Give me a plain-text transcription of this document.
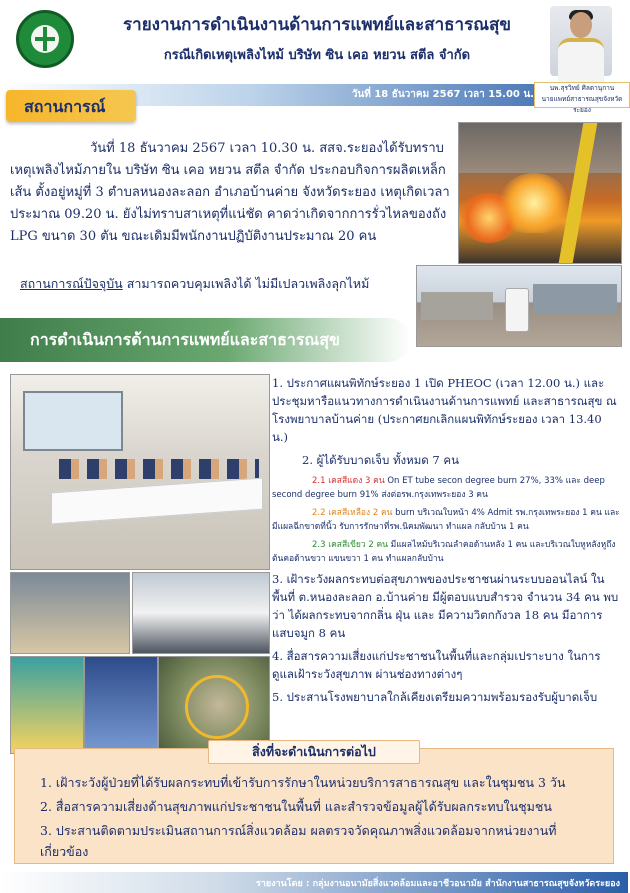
รายงานการดำเนินงานด้านการแพทย์และสาธารณสุข
กรณีเกิดเหตุเพลิงไหม้ บริษัท ซิน เคอ หยวน สตีล จำกัด
วันที่ 18 ธันวาคม 2567 เวลา 15.00 น.
นพ.สุรวิทย์ ศิลตานุกาน
นายแพทย์สาธารณสุขจังหวัดระยอง
สถานการณ์
วันที่ 18 ธันวาคม 2567 เวลา 10.30 น. สสจ.ระยองได้รับทราบเหตุเพลิงไหม้ภายใน บริษัท ซิน เคอ หยวน สตีล จำกัด ประกอบกิจการผลิตเหล็กเส้น ตั้งอยู่หมู่ที่ 3 ตำบลหนองละลอก อำเภอบ้านค่าย จังหวัดระยอง เหตุเกิดเวลาประมาณ 09.20 น. ยังไม่ทราบสาเหตุที่แน่ชัด คาดว่าเกิดจากการรั่วไหลของถัง LPG ขนาด 30 ตัน ขณะเดิมมีพนักงานปฏิบัติงานประมาณ 20 คน
สถานการณ์ปัจจุบัน สามารถควบคุมเพลิงได้ ไม่มีเปลวเพลิงลุกไหม้
การดำเนินการด้านการแพทย์และสาธารณสุข
1. ประกาศแผนพิทักษ์ระยอง 1 เปิด PHEOC (เวลา 12.00 น.) และประชุมหารือแนวทางการดำเนินงานด้านการแพทย์ และสาธารณสุข ณ โรงพยาบาลบ้านค่าย (ประกาศยกเลิกแผนพิทักษ์ระยอง เวลา 13.40 น.)
2. ผู้ได้รับบาดเจ็บ ทั้งหมด 7 คน
2.1 เคสสีแดง 3 คน On ET tube secon degree burn 27%, 33% และ deep second degree burn 91% ส่งต่อรพ.กรุงเทพระยอง 3 คน
2.2 เคสสีเหลือง 2 คน burn บริเวณใบหน้า 4% Admit รพ.กรุงเทพระยอง 1 คน และมีแผลฉีกขาดที่นิ้ว รับการรักษาที่รพ.นิคมพัฒนา ทำแผล กลับบ้าน 1 คน
2.3 เคสสีเขียว 2 คน มีแผลไหม้บริเวณลำคอด้านหลัง 1 คน และบริเวณใบหูหลังหูถึงต้นคอด้านขวา แขนขวา 1 คน ทำแผลกลับบ้าน
3. เฝ้าระวังผลกระทบต่อสุขภาพของประชาชนผ่านระบบออนไลน์ ในพื้นที่ ต.หนองละลอก อ.บ้านค่าย มีผู้ตอบแบบสำรวจ จำนวน 34 คน พบว่า ได้ผลกระทบจากกลิ่น ฝุ่น และ มีความวิตกกังวล 18 คน มีอาการแสบจมูก 8 คน
4. สื่อสารความเสี่ยงแก่ประชาชนในพื้นที่และกลุ่มเปราะบาง ในการดูแลเฝ้าระวังสุขภาพ ผ่านช่องทางต่างๆ
5. ประสานโรงพยาบาลใกล้เคียงเตรียมความพร้อมรองรับผู้บาดเจ็บ
สิ่งที่จะดำเนินการต่อไป
1. เฝ้าระวังผู้ป่วยที่ได้รับผลกระทบที่เข้ารับการรักษาในหน่วยบริการสาธารณสุข และในชุมชน 3 วัน
2. สื่อสารความเสี่ยงด้านสุขภาพแก่ประชาชนในพื้นที่ และสำรวจข้อมูลผู้ได้รับผลกระทบในชุมชน
3. ประสานติดตามประเมินสถานการณ์สิ่งแวดล้อม ผลตรวจวัดคุณภาพสิ่งแวดล้อมจากหน่วยงานที่เกี่ยวข้อง
รายงานโดย : กลุ่มงานอนามัยสิ่งแวดล้อมและอาชีวอนามัย สำนักงานสาธารณสุขจังหวัดระยอง
